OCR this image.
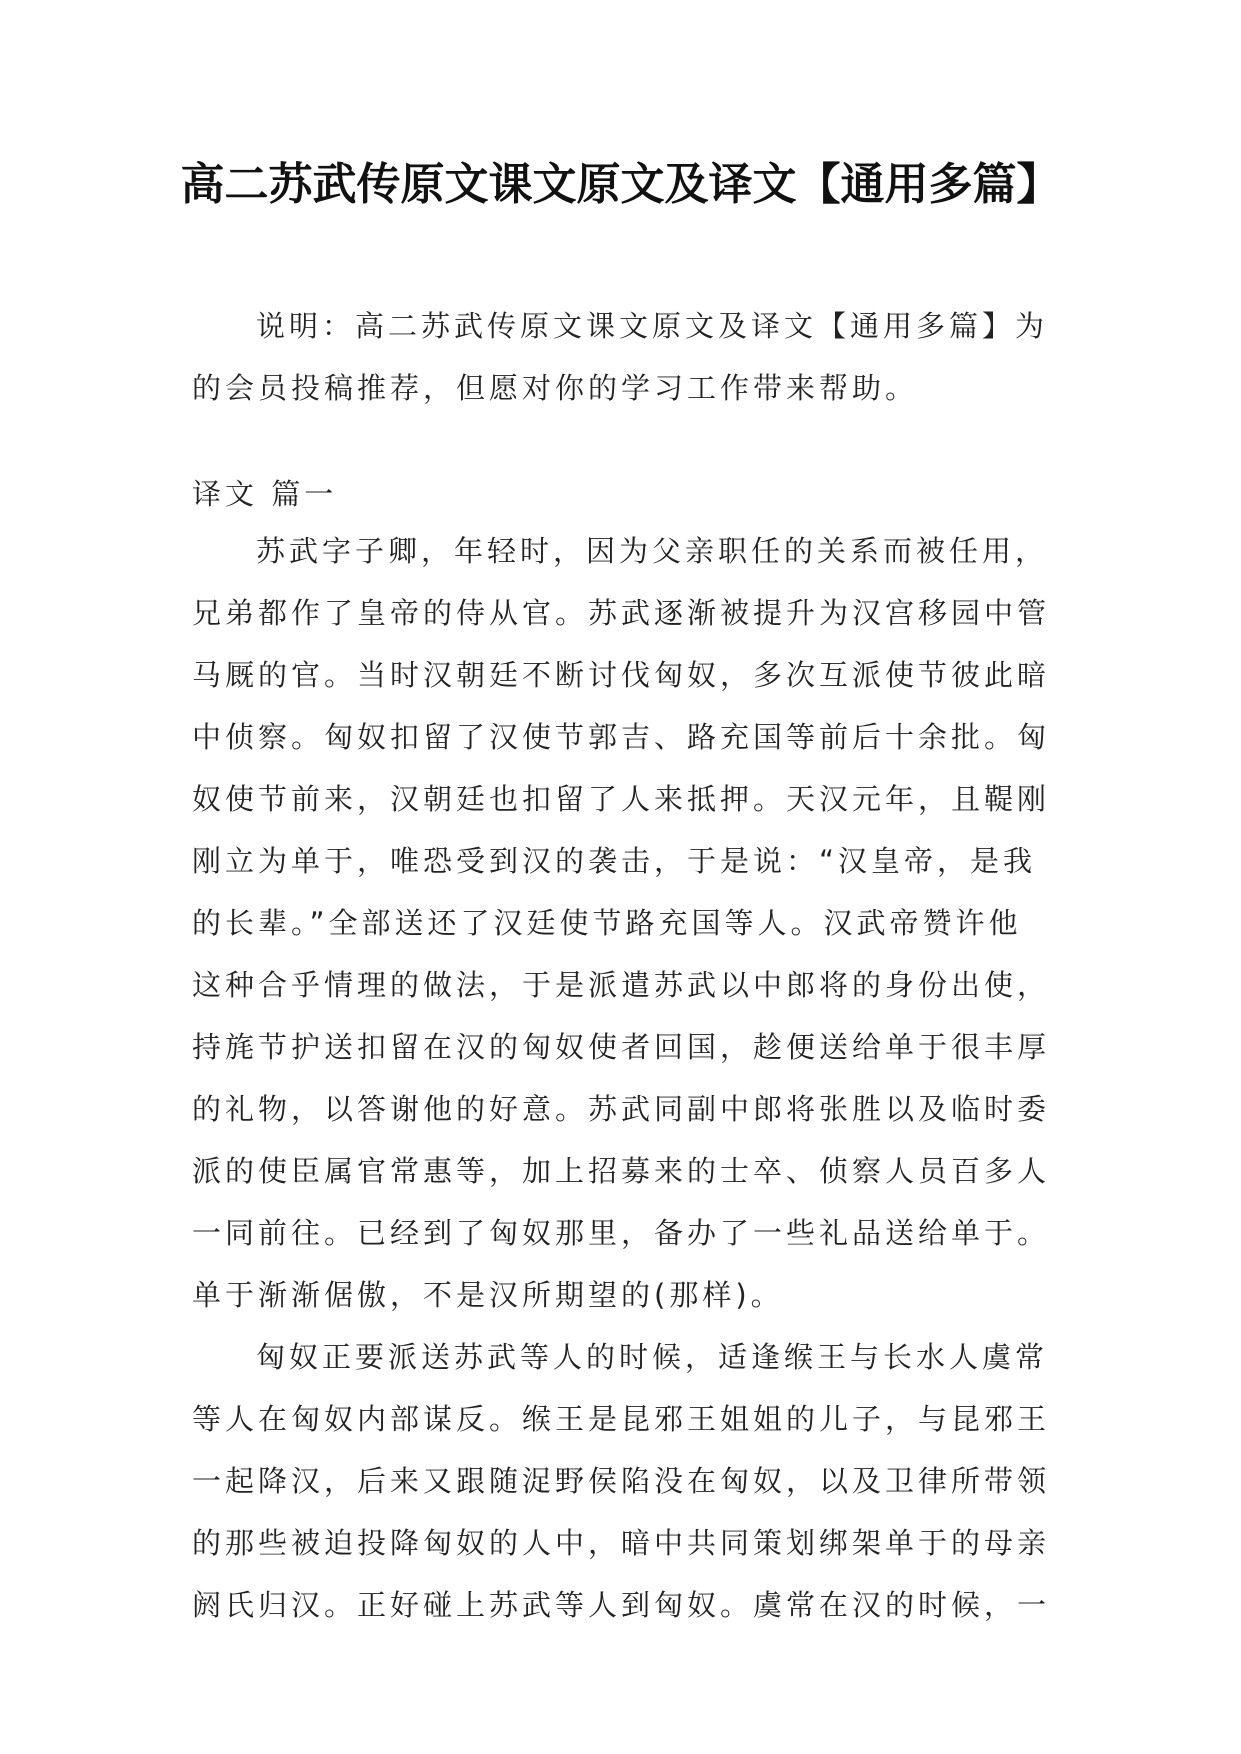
高二苏武传原文课文原文及译文【通用多篇】

说明：高二苏武传原文课文原文及译文【通用多篇】为的会员投稿推荐，但愿对你的学习工作带来帮助。

译文 篇一

苏武字子卿，年轻时，因为父亲职任的关系而被任用，兄弟都作了皇帝的侍从官。苏武逐渐被提升为汉宫移园中管马厩的官。当时汉朝廷不断讨伐匈奴，多次互派使节彼此暗中侦察。匈奴扣留了汉使节郭吉、路充国等前后十余批。匈奴使节前来，汉朝廷也扣留了人来抵押。天汉元年，且鞮刚刚立为单于，唯恐受到汉的袭击，于是说：“汉皇帝，是我的长辈。”全部送还了汉廷使节路充国等人。汉武帝赞许他这种合乎情理的做法，于是派遣苏武以中郎将的身份出使，持旄节护送扣留在汉的匈奴使者回国，趁便送给单于很丰厚的礼物，以答谢他的好意。苏武同副中郎将张胜以及临时委派的使臣属官常惠等，加上招募来的士卒、侦察人员百多人一同前往。已经到了匈奴那里，备办了一些礼品送给单于。单于渐渐倨傲，不是汉所期望的(那样)。

匈奴正要派送苏武等人的时候，适逢缑王与长水人虞常等人在匈奴内部谋反。缑王是昆邪王姐姐的儿子，与昆邪王一起降汉，后来又跟随浞野侯陷没在匈奴，以及卫律所带领的那些被迫投降匈奴的人中，暗中共同策划绑架单于的母亲阏氏归汉。正好碰上苏武等人到匈奴。虞常在汉的时候，一
